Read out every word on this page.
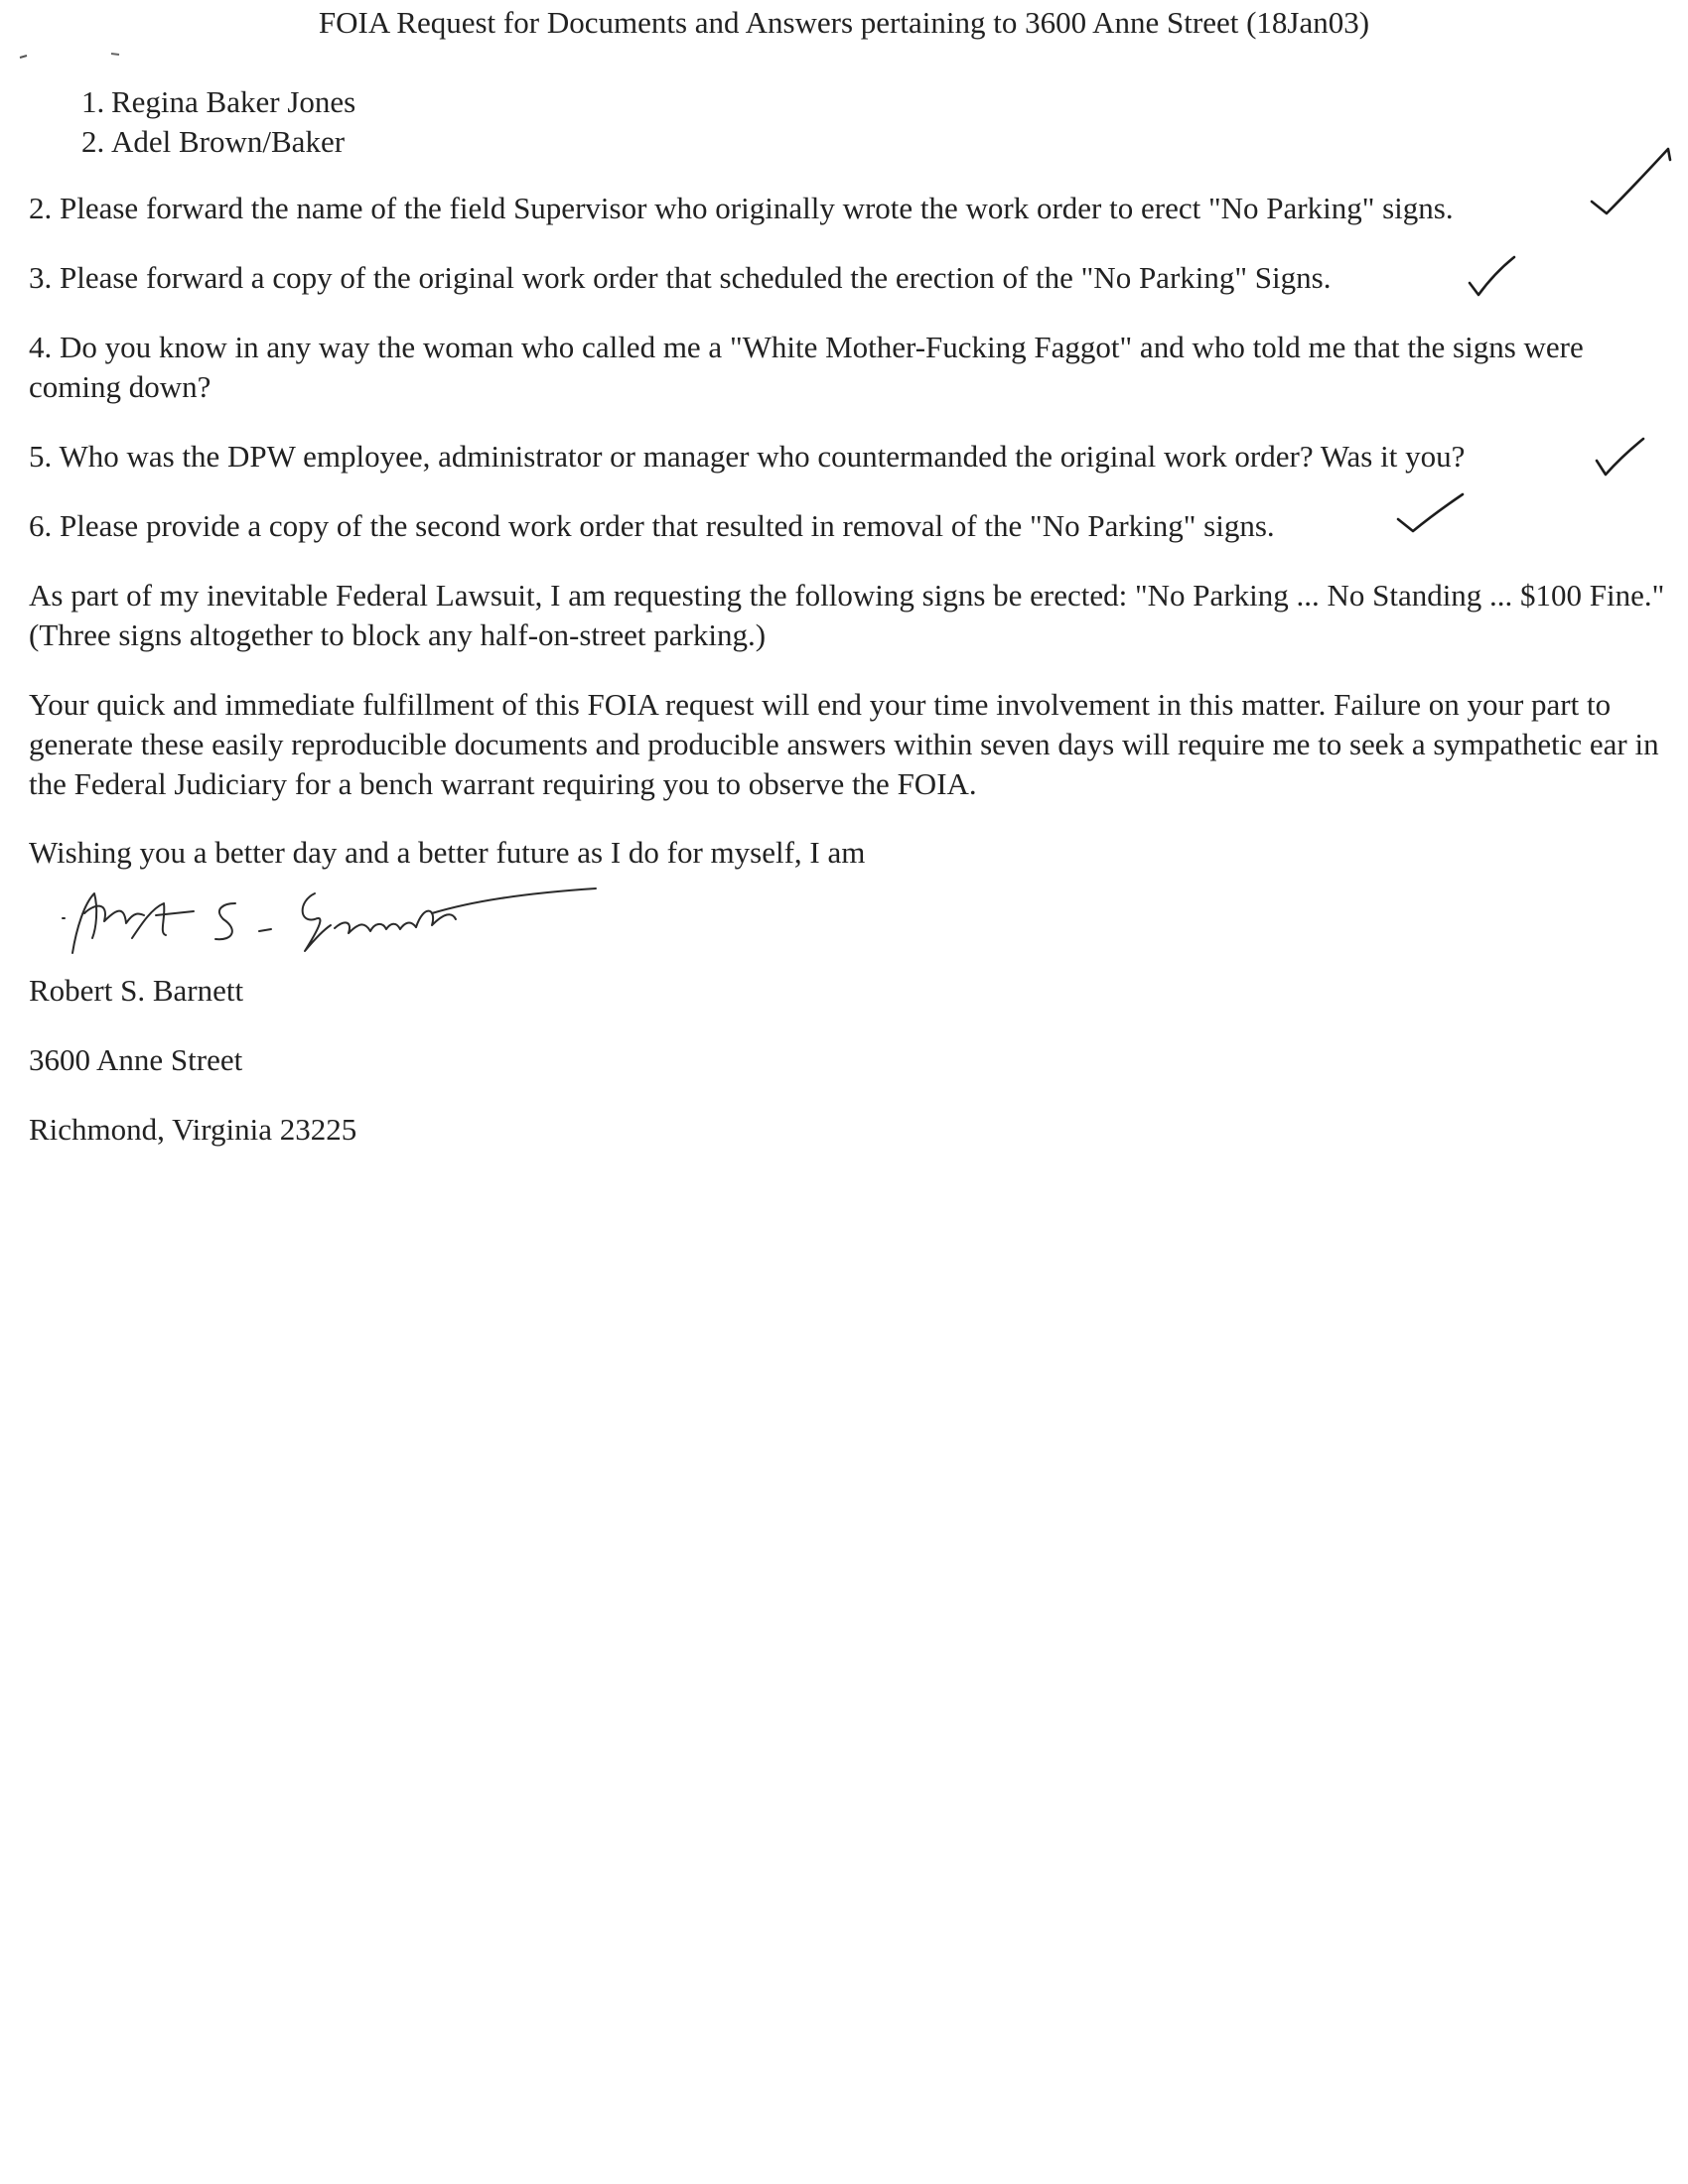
FOIA Request for Documents and Answers pertaining to 3600 Anne Street (18Jan03)
1. Regina Baker Jones
2. Adel Brown/Baker
2. Please forward the name of the field Supervisor who originally wrote the work order to erect "No Parking" signs.
3. Please forward a copy of the original work order that scheduled the erection of the "No Parking" Signs.
4. Do you know in any way the woman who called me a "White Mother-Fucking Faggot" and who told me that the signs were coming down?
5. Who was the DPW employee, administrator or manager who countermanded the original work order? Was it you?
6. Please provide a copy of the second work order that resulted in removal of the "No Parking" signs.
As part of my inevitable Federal Lawsuit, I am requesting the following signs be erected: "No Parking ... No Standing ... $100 Fine." (Three signs altogether to block any half-on-street parking.)
Your quick and immediate fulfillment of this FOIA request will end your time involvement in this matter. Failure on your part to generate these easily reproducible documents and producible answers within seven days will require me to seek a sympathetic ear in the Federal Judiciary for a bench warrant requiring you to observe the FOIA.
Wishing you a better day and a better future as I do for myself, I am
Robert S. Barnett
3600 Anne Street
Richmond, Virginia 23225
